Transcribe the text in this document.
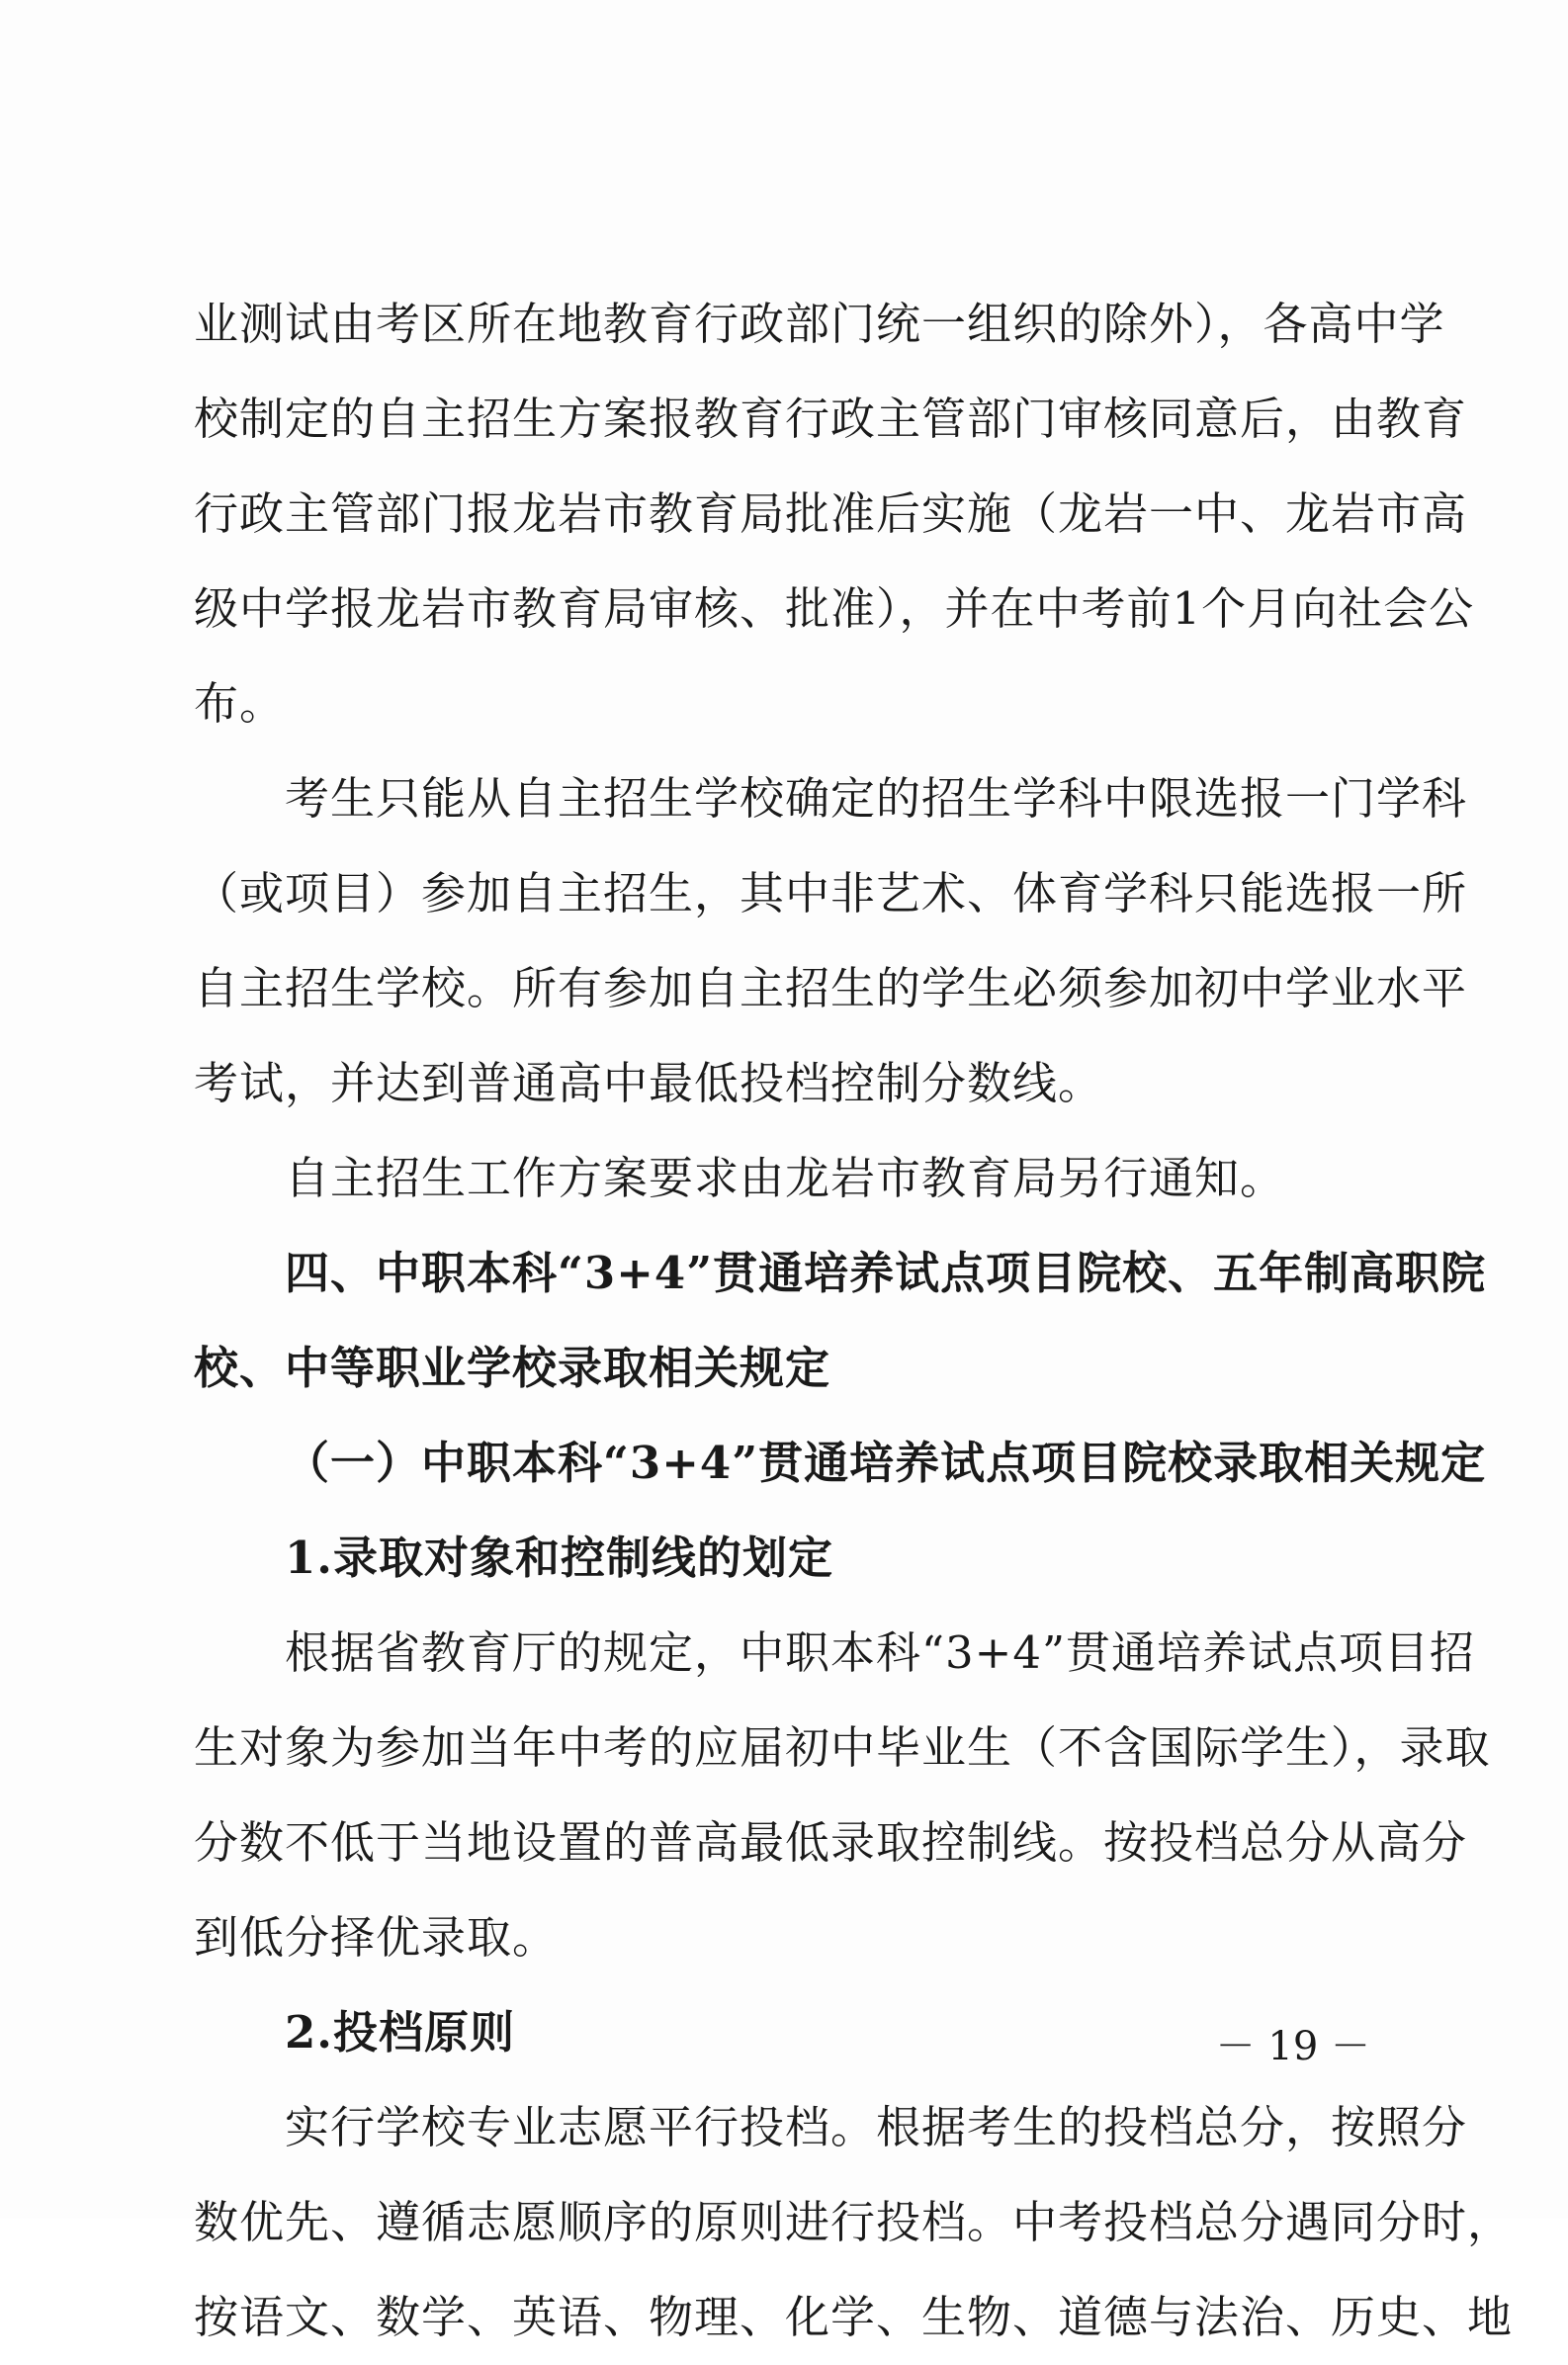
业测试由考区所在地教育行政部门统一组织的除外），各高中学
校制定的自主招生方案报教育行政主管部门审核同意后，由教育
行政主管部门报龙岩市教育局批准后实施（龙岩一中、龙岩市高
级中学报龙岩市教育局审核、批准），并在中考前1个月向社会公
布。
考生只能从自主招生学校确定的招生学科中限选报一门学科
（或项目）参加自主招生，其中非艺术、体育学科只能选报一所
自主招生学校。所有参加自主招生的学生必须参加初中学业水平
考试，并达到普通高中最低投档控制分数线。
自主招生工作方案要求由龙岩市教育局另行通知。
四、中职本科“3+4”贯通培养试点项目院校、五年制高职院
校、中等职业学校录取相关规定
（一）中职本科“3+4”贯通培养试点项目院校录取相关规定
1.录取对象和控制线的划定
根据省教育厅的规定，中职本科“3+4”贯通培养试点项目招
生对象为参加当年中考的应届初中毕业生（不含国际学生），录取
分数不低于当地设置的普高最低录取控制线。按投档总分从高分
到低分择优录取。
2.投档原则
实行学校专业志愿平行投档。根据考生的投档总分，按照分
数优先、遵循志愿顺序的原则进行投档。中考投档总分遇同分时，
按语文、数学、英语、物理、化学、生物、道德与法治、历史、地
－ 19 －
